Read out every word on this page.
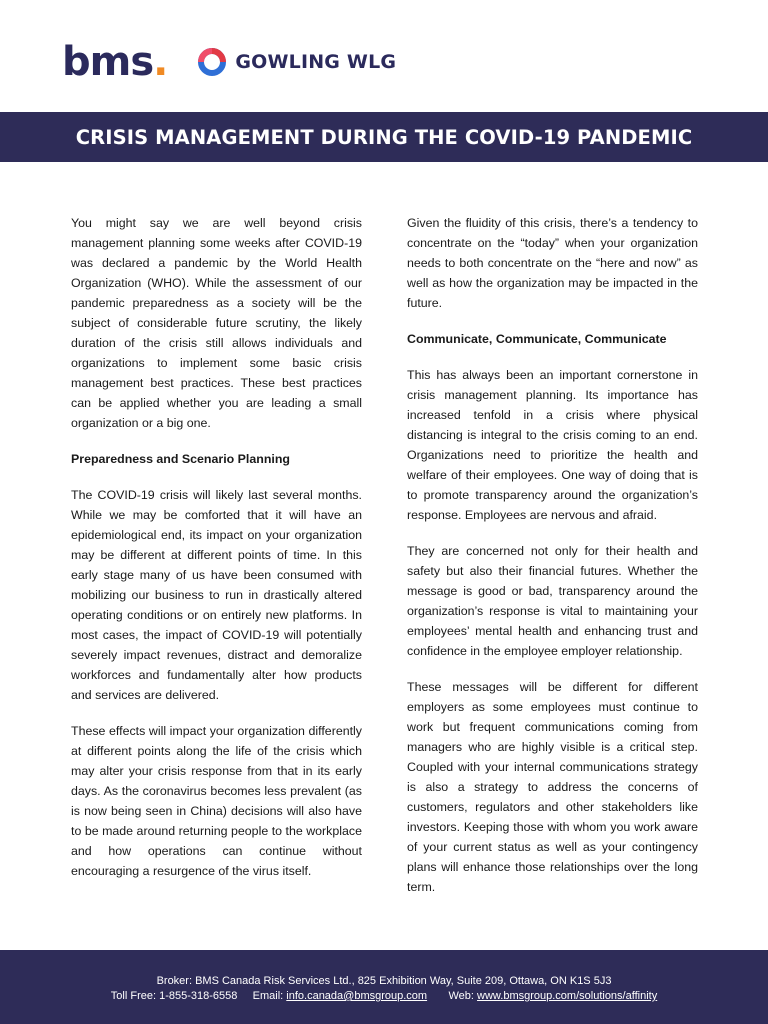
bms.	GOWLING WLG
CRISIS MANAGEMENT DURING THE COVID-19 PANDEMIC

You might say we are well beyond crisis management planning some weeks after COVID-19 was declared a pandemic by the World Health Organization (WHO). While the assessment of our pandemic preparedness as a society will be the subject of considerable future scrutiny, the likely duration of the crisis still allows individuals and organizations to implement some basic crisis management best practices. These best practices can be applied whether you are leading a small organization or a big one.

Preparedness and Scenario Planning

The COVID-19 crisis will likely last several months. While we may be comforted that it will have an epidemiological end, its impact on your organization may be different at different points of time. In this early stage many of us have been consumed with mobilizing our business to run in drastically altered operating conditions or on entirely new platforms. In most cases, the impact of COVID-19 will potentially severely impact revenues, distract and demoralize workforces and fundamentally alter how products and services are delivered.

These effects will impact your organization differently at different points along the life of the crisis which may alter your crisis response from that in its early days. As the coronavirus becomes less prevalent (as is now being seen in China) decisions will also have to be made around returning people to the workplace and how operations can continue without encouraging a resurgence of the virus itself.

Given the fluidity of this crisis, there’s a tendency to concentrate on the “today” when your organization needs to both concentrate on the “here and now” as well as how the organization may be impacted in the future.

Communicate, Communicate, Communicate

This has always been an important cornerstone in crisis management planning. Its importance has increased tenfold in a crisis where physical distancing is integral to the crisis coming to an end. Organizations need to prioritize the health and welfare of their employees. One way of doing that is to promote transparency around the organization’s response. Employees are nervous and afraid.

They are concerned not only for their health and safety but also their financial futures. Whether the message is good or bad, transparency around the organization’s response is vital to maintaining your employees’ mental health and enhancing trust and confidence in the employee employer relationship.

These messages will be different for different employers as some employees must continue to work but frequent communications coming from managers who are highly visible is a critical step. Coupled with your internal communications strategy is also a strategy to address the concerns of customers, regulators and other stakeholders like investors. Keeping those with whom you work aware of your current status as well as your contingency plans will enhance those relationships over the long term.

Broker: BMS Canada Risk Services Ltd., 825 Exhibition Way, Suite 209, Ottawa, ON K1S 5J3
Toll Free: 1-855-318-6558 Email: info.canada@bmsgroup.com Web: www.bmsgroup.com/solutions/affinity
